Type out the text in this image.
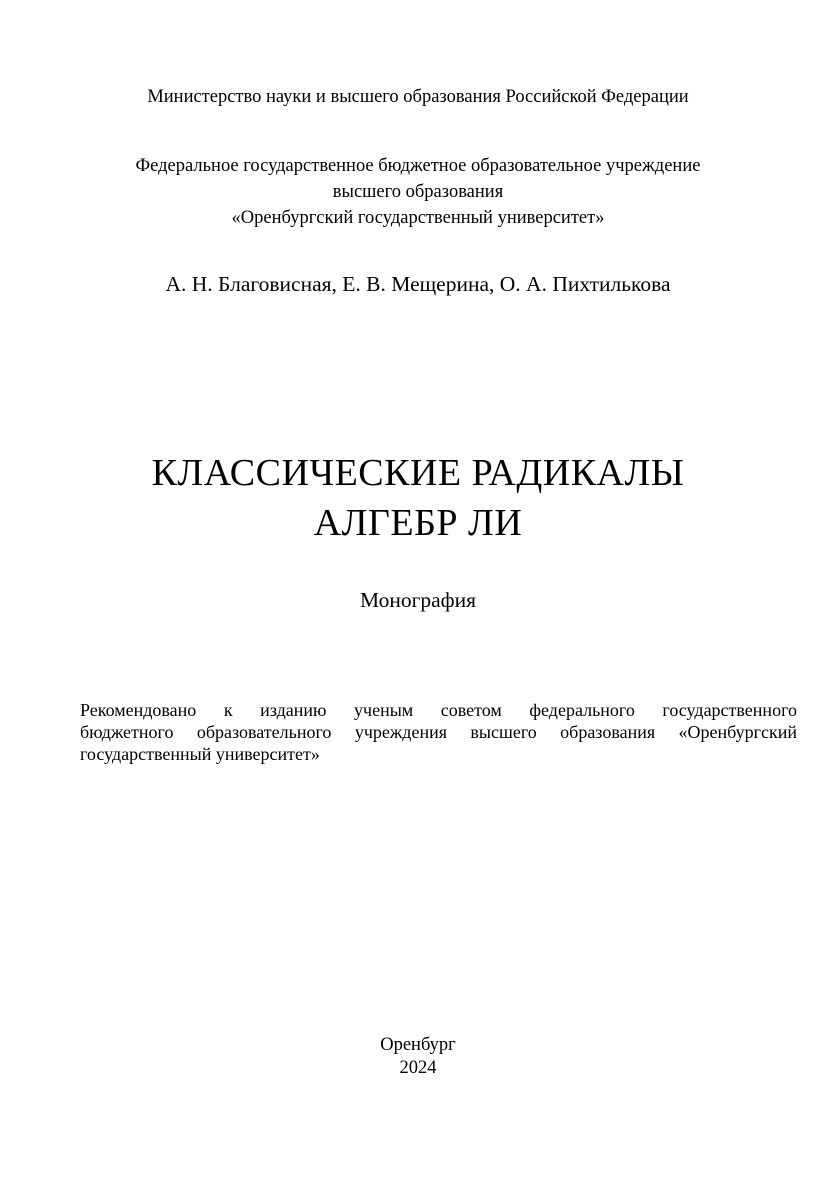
Министерство науки и высшего образования Российской Федерации
Федеральное государственное бюджетное образовательное учреждение
высшего образования
«Оренбургский государственный университет»
А. Н. Благовисная, Е. В. Мещерина, О. А. Пихтилькова
КЛАССИЧЕСКИЕ РАДИКАЛЫ
АЛГЕБР ЛИ
Монография
Рекомендовано к изданию ученым советом федерального государственного
бюджетного образовательного учреждения высшего образования «Оренбургский
государственный университет»
Оренбург
2024
